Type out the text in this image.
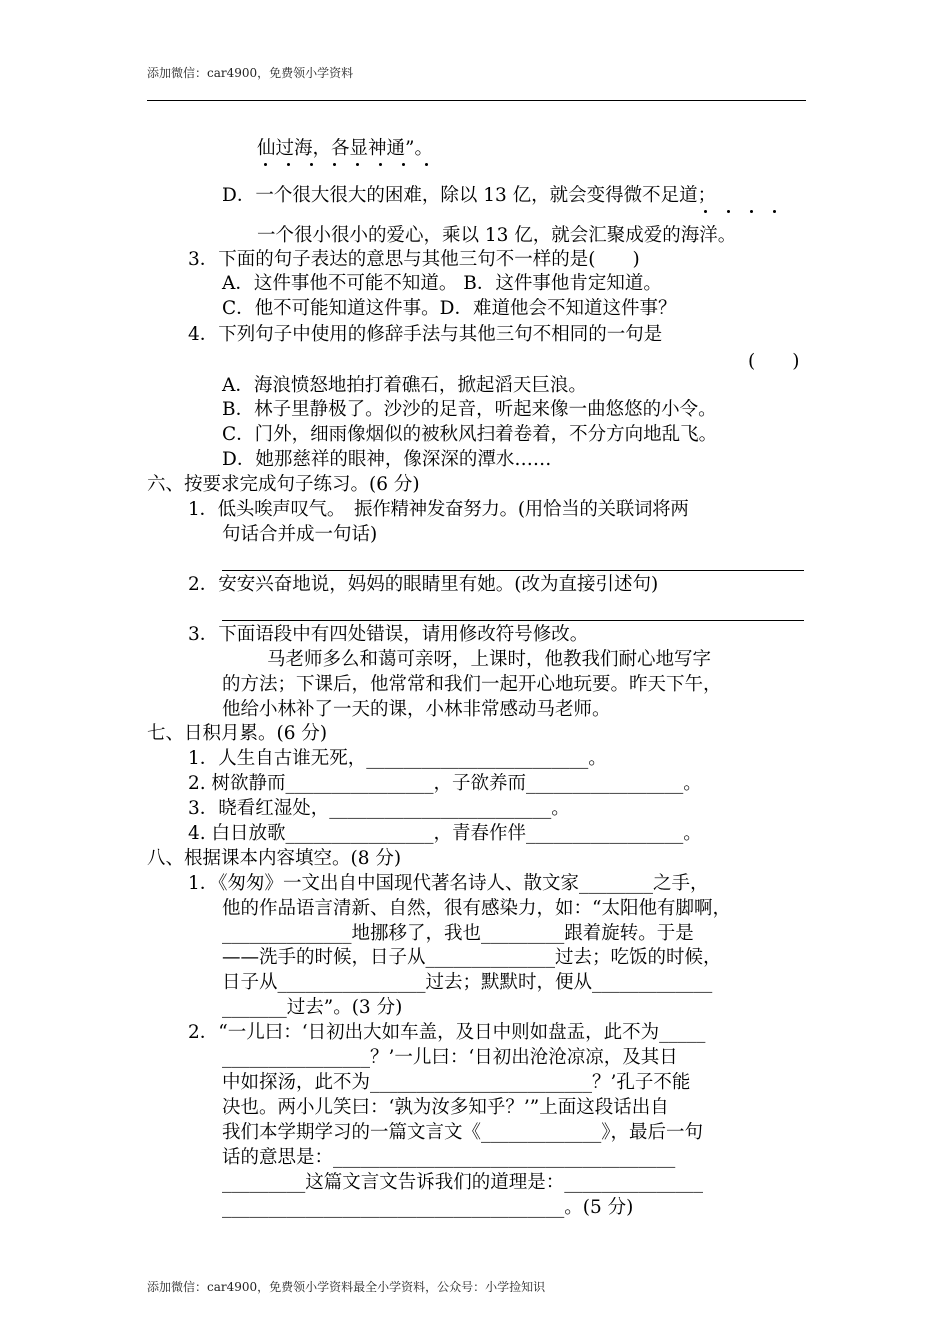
添加微信：car4900，免费领小学资料
仙过海，各显神通”。
D．一个很大很大的困难，除以 13 亿，就会变得微不足道；
一个很小很小的爱心，乘以 13 亿，就会汇聚成爱的海洋。
3．下面的句子表达的意思与其他三句不一样的是(　　)
A．这件事他不可能不知道。 B．这件事他肯定知道。
C．他不可能知道这件事。D．难道他会不知道这件事？
4．下列句子中使用的修辞手法与其他三句不相同的一句是
(　　)
A．海浪愤怒地拍打着礁石，掀起滔天巨浪。
B．林子里静极了。沙沙的足音，听起来像一曲悠悠的小令。
C．门外，细雨像烟似的被秋风扫着卷着，不分方向地乱飞。
D．她那慈祥的眼神，像深深的潭水……
六、按要求完成句子练习。(6 分)
1．低头唉声叹气。　振作精神发奋努力。(用恰当的关联词将两
句话合并成一句话)
2．安安兴奋地说，妈妈的眼睛里有她。(改为直接引述句)
3．下面语段中有四处错误，请用修改符号修改。
马老师多么和蔼可亲呀，上课时，他教我们耐心地写字
的方法；下课后，他常常和我们一起开心地玩要。昨天下午，
他给小林补了一天的课，小林非常感动马老师。
七、日积月累。(6 分)
1．人生自古谁无死，________________________。
2. 树欲静而________________，子欲养而_________________。
3．晓看红湿处，________________________。
4. 白日放歌________________，青春作伴_________________。
八、根据课本内容填空。(8 分)
1．《匆匆》一文出自中国现代著名诗人、散文家________之手，
他的作品语言清新、自然，很有感染力，如：“太阳他有脚啊，
______________地挪移了，我也_________跟着旋转。于是
——洗手的时候，日子从______________过去；吃饭的时候，
日子从________________过去；默默时，便从_____________
_______过去”。(3 分)
2．“一儿曰：‘日初出大如车盖，及日中则如盘盂，此不为_____
________________？’一儿曰：‘日初出沧沧凉凉，及其日
中如探汤，此不为________________________？’孔子不能
决也。两小儿笑曰：‘孰为汝多知乎？’”上面这段话出自
我们本学期学习的一篇文言文《_____________》，最后一句
话的意思是：_____________________________________
_________这篇文言文告诉我们的道理是：_______________
_____________________________________。(5 分)
添加微信：car4900，免费领小学资料最全小学资料，公众号：小学捡知识
